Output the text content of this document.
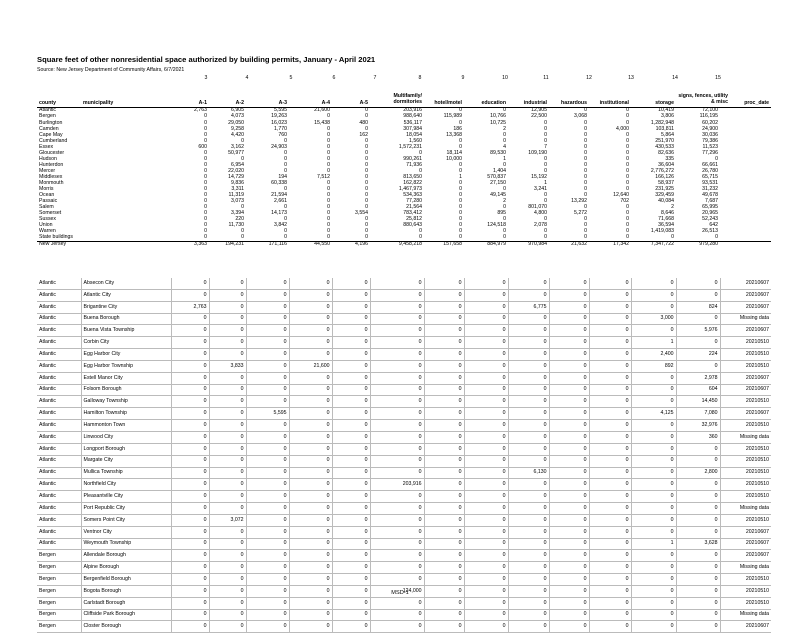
Square feet of other nonresidential space authorized by building permits, January - April 2021
Source: New Jersey Department of Community Affairs, 6/7/2021
3	4	5	6	7	8	9	10	11	12	13	14	15
county	municipality	A-1	A-2	A-3	A-4	A-5	Multifamily/ dormitories	hotel/motel	education	industrial	hazardous	institutional	storage	signs, fences, utility & misc	proc_date
Atlantic		2,763	6,905	5,595	21,600	0	203,916	0	0	12,905	0	0	10,419	72,100	
Bergen		0	4,073	19,263	0	0	988,640	115,989	10,766	22,500	3,068	0	3,806	116,195	
Burlington		0	29,050	16,023	15,438	480	536,117	0	10,725	0	0	0	1,282,948	60,202	
Camden		0	9,258	1,770	0	0	307,984	186	2	0	0	4,000	103,811	24,900	
Cape May		0	4,420	760	0	162	18,054	13,368	0	0	0	0	5,864	30,036	
Cumberland		0	0	0	0	0	1,560	0	0	0	0	0	251,970	79,386	
Essex		600	3,162	24,903	0	0	1,572,231	0	4	7	0	0	430,533	11,523	
Gloucester		0	50,977	0	0	0	0	18,114	89,530	109,190	0	0	82,636	77,296	
Hudson		0	0	0	0	0	990,261	10,000	1	0	0	0	335	0	
Hunterdon		0	6,954	0	0	0	71,936	0	0	0	0	0	36,604	66,661	
Mercer		0	22,020	0	0	0	0	0	1,404	0	0	0	2,776,272	26,780	
Middlesex		0	14,729	194	7,512	0	813,650	1	570,837	15,192	0	0	166,126	65,715	
Monmouth		0	9,836	60,338	0	0	162,822	0	27,150	1	0	0	58,937	93,531	
Morris		0	3,311	0	0	0	1,467,973	0	0	3,241	0	0	231,925	31,232	
Ocean		0	11,319	21,594	0	0	534,363	0	49,145	0	0	12,640	329,459	49,678	
Passaic		0	3,073	2,661	0	0	77,280	0	2	0	13,292	702	40,084	7,687	
Salem		0	0	0	0	0	21,564	0	0	801,070	0	0	2	65,995	
Somerset		0	3,394	14,173	0	3,554	783,412	0	895	4,800	5,272	0	8,646	20,965	
Sussex		0	220	0	0	0	25,812	0	0	0	0	0	71,668	52,243	
Union		0	11,730	3,842	0	0	880,643	0	124,518	2,078	0	0	36,594	642	
Warren		0	0	0	0	0	0	0	0	0	0	0	1,419,083	26,513	
State buildings		0	0	0	0	0	0	0	0	0	0	0	0	0	
New Jersey		3,363	194,231	171,116	44,550	4,196	9,458,218	157,658	884,979	970,984	21,632	17,342	7,347,722	979,280	
Atlantic	Absecon City	0	0	0	0	0	0	0	0	0	0	0	0	0	20210607
Atlantic	Atlantic City	0	0	0	0	0	0	0	0	0	0	0	0	0	20210607
Atlantic	Brigantine City	2,763	0	0	0	0	0	0	0	6,775	0	0	0	824	20210607
Atlantic	Buena Borough	0	0	0	0	0	0	0	0	0	0	0	3,000	0	Missing data
Atlantic	Buena Vista Township	0	0	0	0	0	0	0	0	0	0	0	0	5,976	20210607
Atlantic	Corbin City	0	0	0	0	0	0	0	0	0	0	0	1	0	20210510
Atlantic	Egg Harbor City	0	0	0	0	0	0	0	0	0	0	0	2,400	224	20210510
Atlantic	Egg Harbor Township	0	3,833	0	21,600	0	0	0	0	0	0	0	892	0	20210510
Atlantic	Estell Manor City	0	0	0	0	0	0	0	0	0	0	0	0	2,978	20210607
Atlantic	Folsom Borough	0	0	0	0	0	0	0	0	0	0	0	0	604	20210607
Atlantic	Galloway Township	0	0	0	0	0	0	0	0	0	0	0	0	14,450	20210510
Atlantic	Hamilton Township	0	0	5,595	0	0	0	0	0	0	0	0	4,125	7,080	20210607
Atlantic	Hammonton Town	0	0	0	0	0	0	0	0	0	0	0	0	32,976	20210510
Atlantic	Linwood City	0	0	0	0	0	0	0	0	0	0	0	0	360	Missing data
Atlantic	Longport Borough	0	0	0	0	0	0	0	0	0	0	0	0	0	20210510
Atlantic	Margate City	0	0	0	0	0	0	0	0	0	0	0	0	0	20210510
Atlantic	Mullica Township	0	0	0	0	0	0	0	0	6,130	0	0	0	2,800	20210510
Atlantic	Northfield City	0	0	0	0	0	203,916	0	0	0	0	0	0	0	20210510
Atlantic	Pleasantville City	0	0	0	0	0	0	0	0	0	0	0	0	0	20210510
Atlantic	Port Republic City	0	0	0	0	0	0	0	0	0	0	0	0	0	Missing data
Atlantic	Somers Point City	0	3,072	0	0	0	0	0	0	0	0	0	0	0	20210510
Atlantic	Ventnor City	0	0	0	0	0	0	0	0	0	0	0	0	0	20210607
Atlantic	Weymouth Township	0	0	0	0	0	0	0	0	0	0	0	1	3,628	20210607
Bergen	Allendale Borough	0	0	0	0	0	0	0	0	0	0	0	0	0	20210607
Bergen	Alpine Borough	0	0	0	0	0	0	0	0	0	0	0	0	0	Missing data
Bergen	Bergenfield Borough	0	0	0	0	0	0	0	0	0	0	0	0	0	20210510
Bergen	Bogota Borough	0	0	0	0	0	124,000	0	0	0	0	0	0	0	20210510
Bergen	Carlstadt Borough	0	0	0	0	0	0	0	0	0	0	0	0	0	20210510
Bergen	Cliffside Park Borough	0	0	0	0	0	0	0	0	0	0	0	0	0	Missing data
Bergen	Closter Borough	0	0	0	0	0	0	0	0	0	0	0	0	0	20210607
MSD-1
